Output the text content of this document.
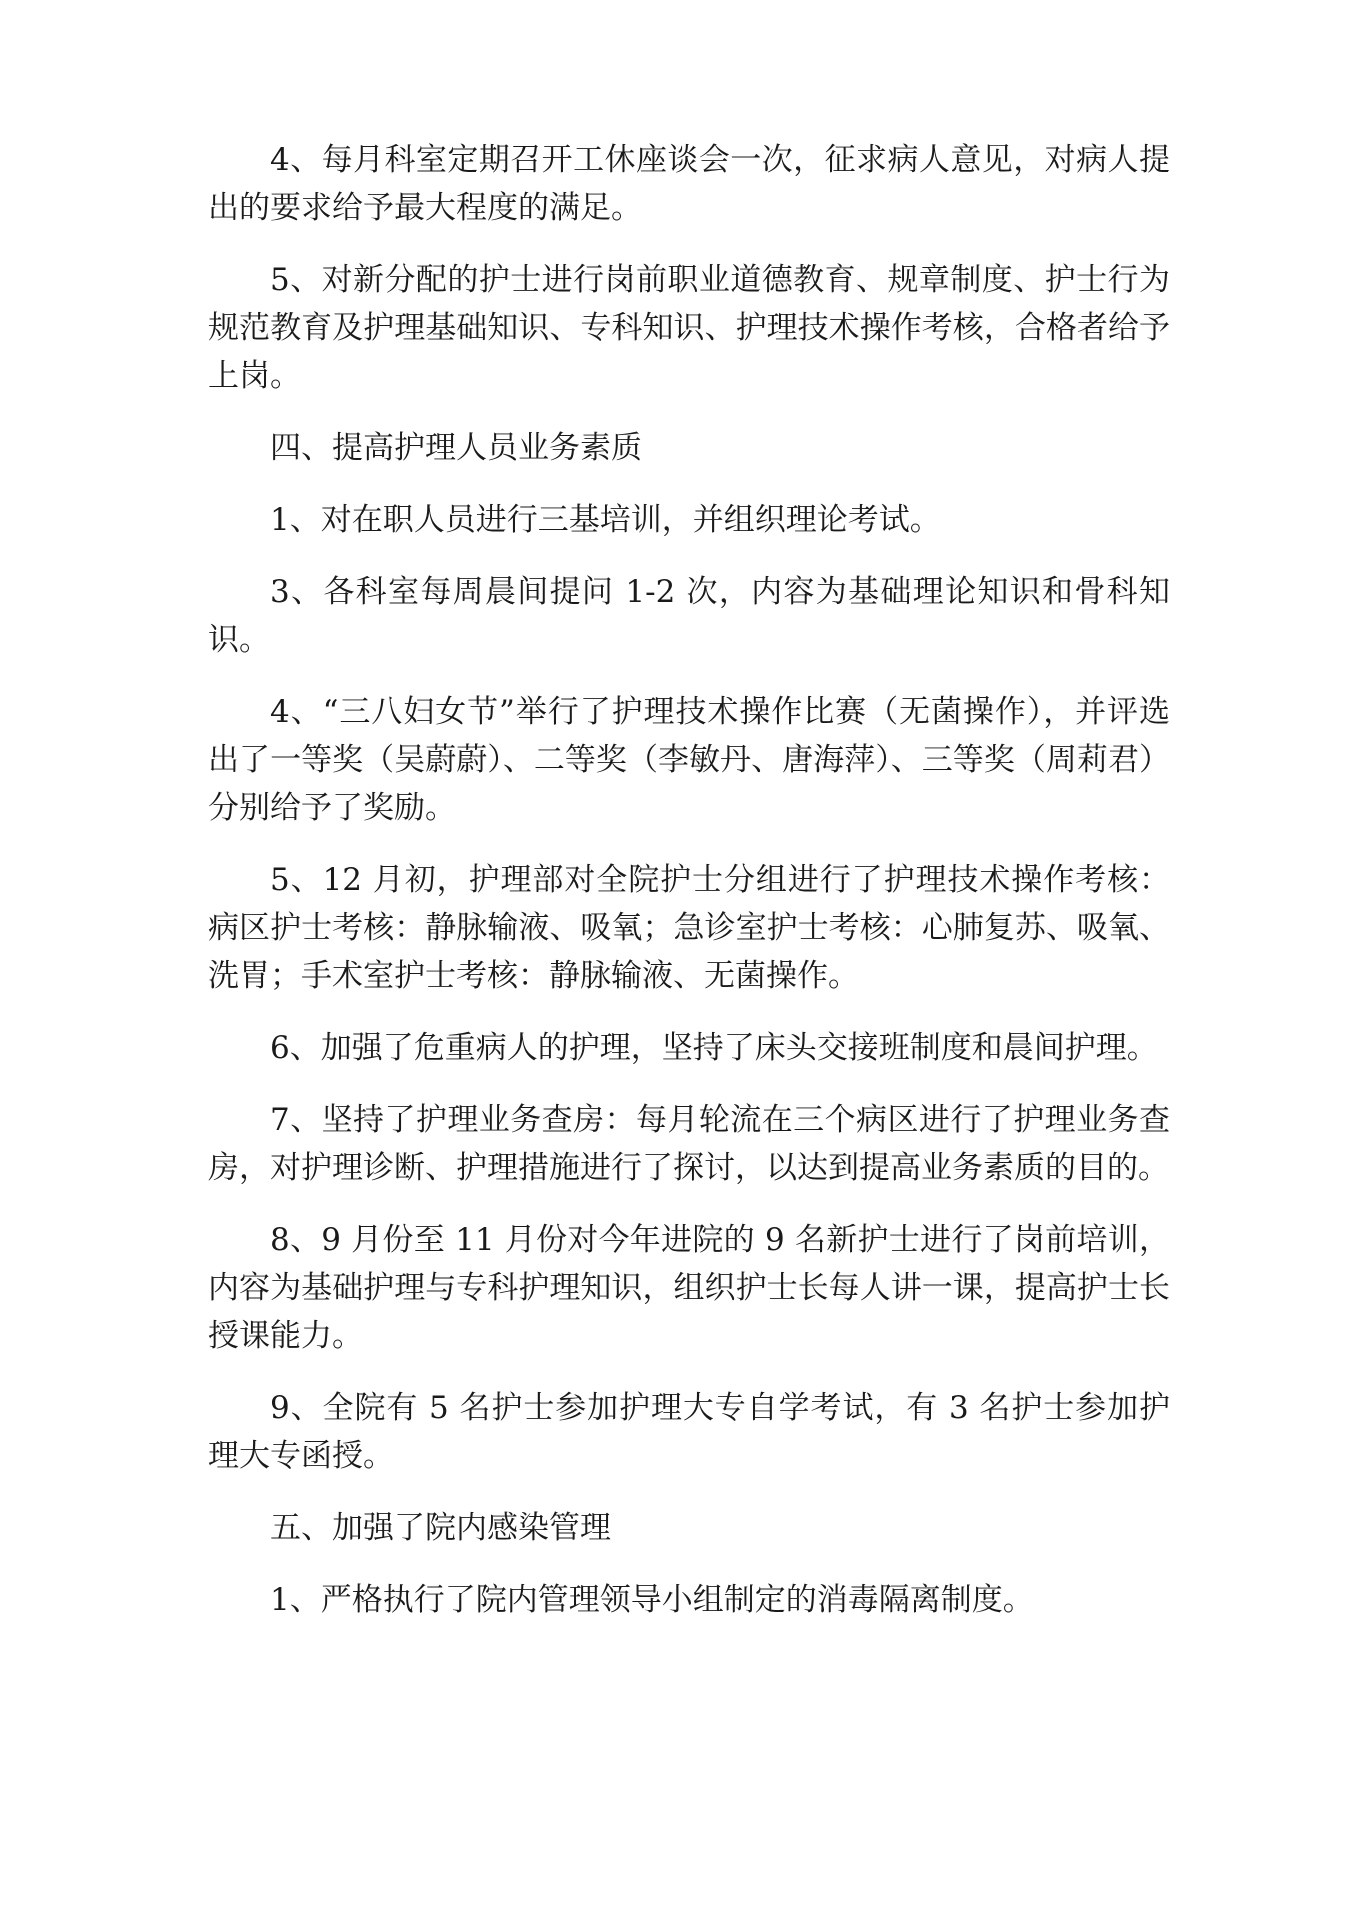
4、每月科室定期召开工休座谈会一次，征求病人意见，对病人提出的要求给予最大程度的满足。

5、对新分配的护士进行岗前职业道德教育、规章制度、护士行为规范教育及护理基础知识、专科知识、护理技术操作考核，合格者给予上岗。

四、提高护理人员业务素质

1、对在职人员进行三基培训，并组织理论考试。

3、各科室每周晨间提问 1-2 次，内容为基础理论知识和骨科知识。

4、“三八妇女节”举行了护理技术操作比赛（无菌操作），并评选出了一等奖（吴蔚蔚）、二等奖（李敏丹、唐海萍）、三等奖（周莉君）分别给予了奖励。

5、12 月初，护理部对全院护士分组进行了护理技术操作考核：病区护士考核：静脉输液、吸氧；急诊室护士考核：心肺复苏、吸氧、洗胃；手术室护士考核：静脉输液、无菌操作。

6、加强了危重病人的护理，坚持了床头交接班制度和晨间护理。

7、坚持了护理业务查房：每月轮流在三个病区进行了护理业务查房，对护理诊断、护理措施进行了探讨，以达到提高业务素质的目的。

8、9 月份至 11 月份对今年进院的 9 名新护士进行了岗前培训，内容为基础护理与专科护理知识，组织护士长每人讲一课，提高护士长授课能力。

9、全院有 5 名护士参加护理大专自学考试，有 3 名护士参加护理大专函授。

五、加强了院内感染管理

1、严格执行了院内管理领导小组制定的消毒隔离制度。
